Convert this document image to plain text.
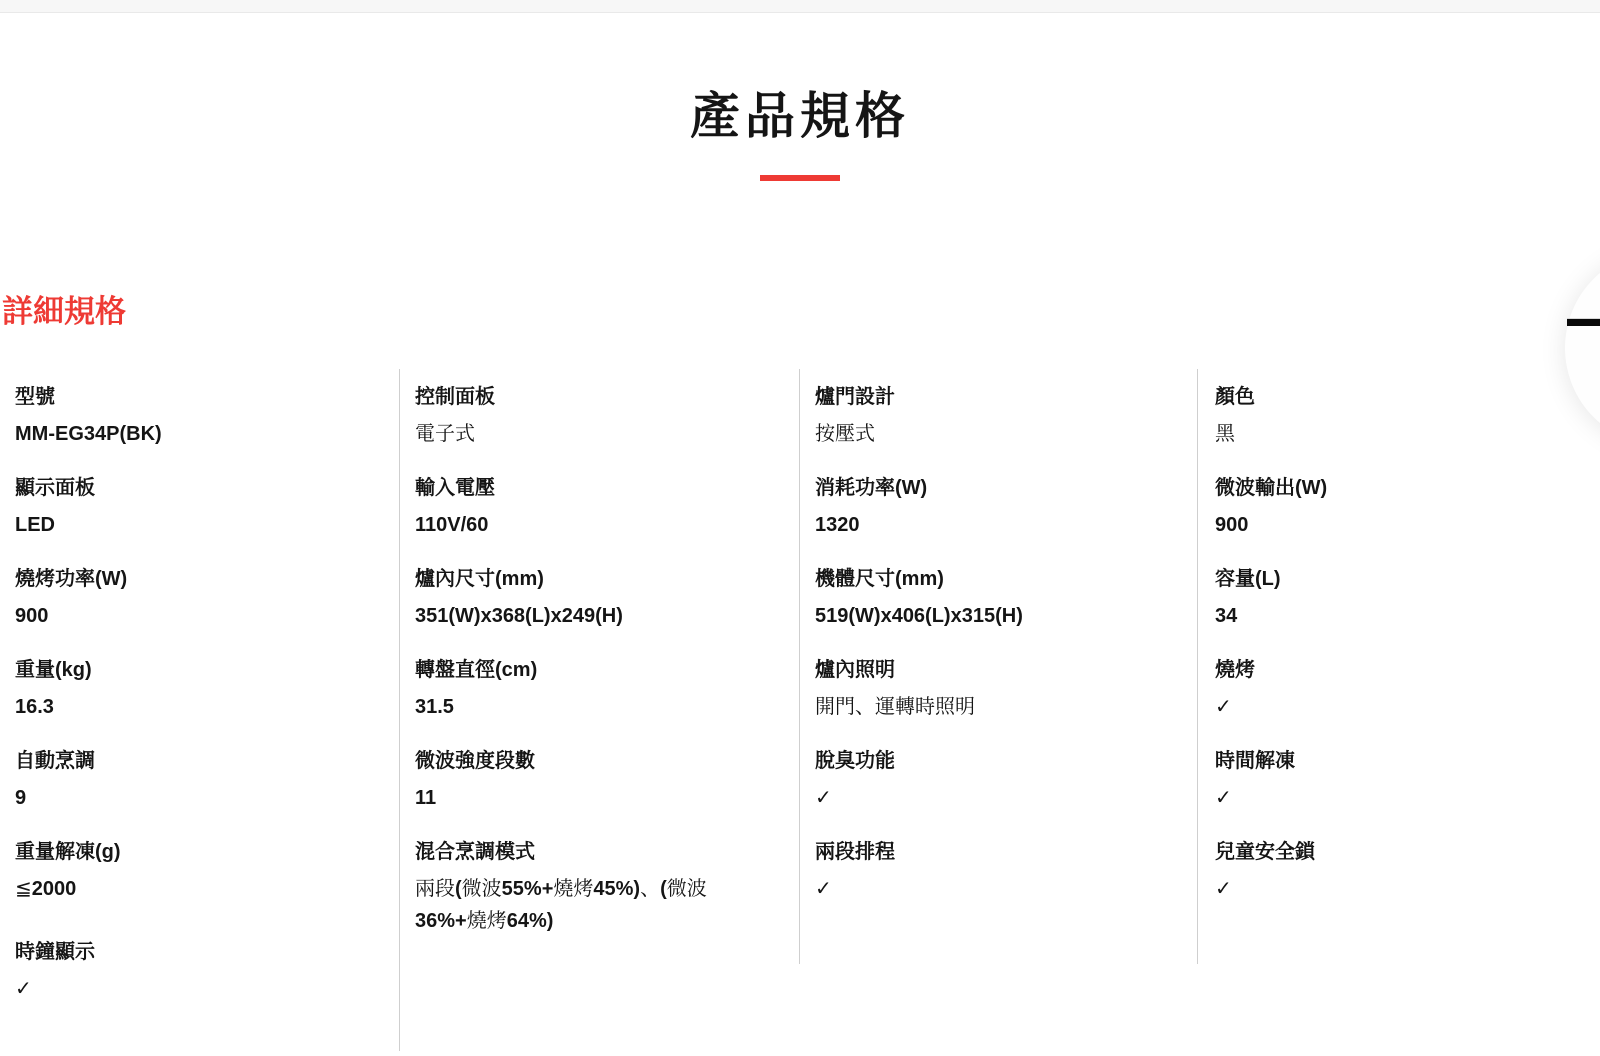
產品規格
詳細規格
型號
MM-EG34P(BK)
顯示面板
LED
燒烤功率(W)
900
重量(kg)
16.3
自動烹調
9
重量解凍(g)
≦2000
時鐘顯示
✓
控制面板
電子式
輸入電壓
110V/60
爐內尺寸(mm)
351(W)x368(L)x249(H)
轉盤直徑(cm)
31.5
微波強度段數
11
混合烹調模式
兩段(微波55%+燒烤45%)、(微波36%+燒烤64%)
爐門設計
按壓式
消耗功率(W)
1320
機體尺寸(mm)
519(W)x406(L)x315(H)
爐內照明
開門、運轉時照明
脫臭功能
✓
兩段排程
✓
顏色
黑
微波輸出(W)
900
容量(L)
34
燒烤
✓
時間解凍
✓
兒童安全鎖
✓
